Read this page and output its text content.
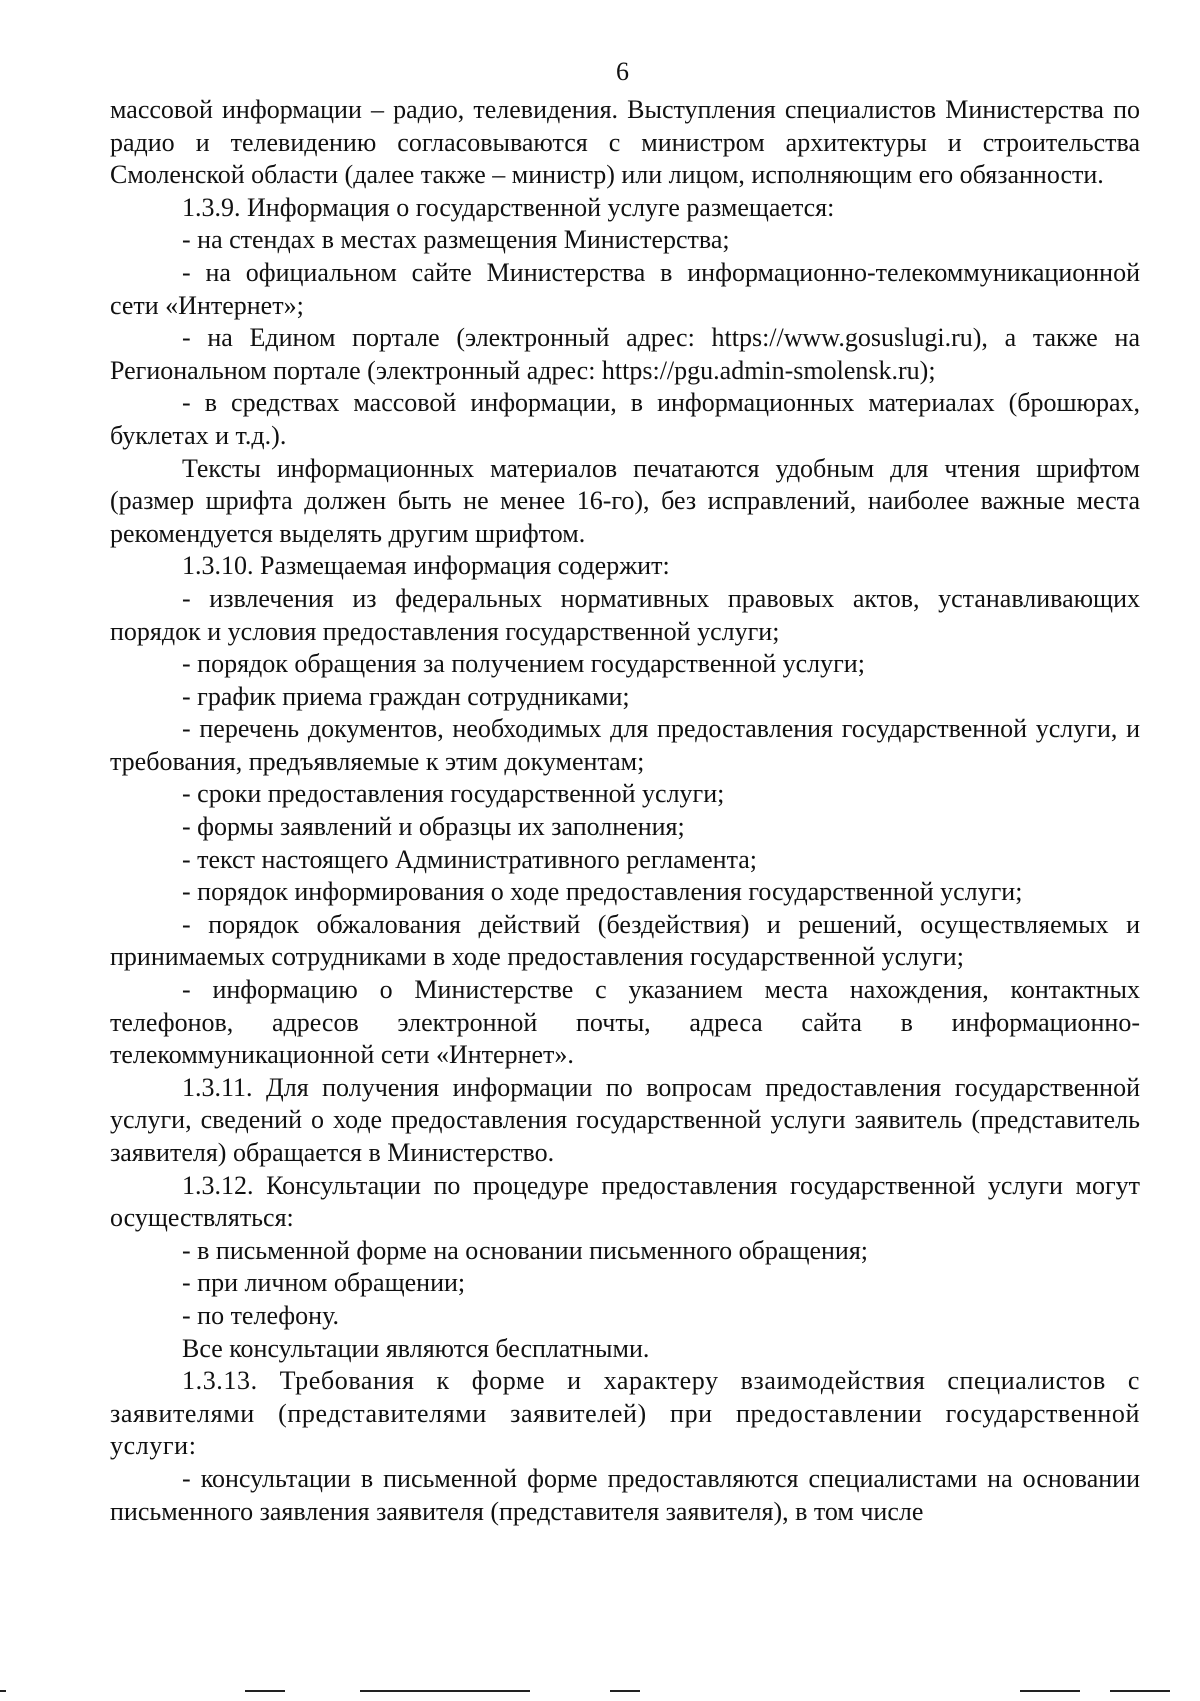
6

массовой информации – радио, телевидения. Выступления специалистов Министерства по радио и телевидению согласовываются с министром архитектуры и строительства Смоленской области (далее также – министр) или лицом, исполняющим его обязанности.

1.3.9. Информация о государственной услуге размещается:

- на стендах в местах размещения Министерства;

- на официальном сайте Министерства в информационно-телекоммуникационной сети «Интернет»;

- на Едином портале (электронный адрес: https://www.gosuslugi.ru), а также на Региональном портале (электронный адрес: https://pgu.admin-smolensk.ru);

- в средствах массовой информации, в информационных материалах (брошюрах, буклетах и т.д.).

Тексты информационных материалов печатаются удобным для чтения шрифтом (размер шрифта должен быть не менее 16-го), без исправлений, наиболее важные места рекомендуется выделять другим шрифтом.

1.3.10. Размещаемая информация содержит:

- извлечения из федеральных нормативных правовых актов, устанавливающих порядок и условия предоставления государственной услуги;

- порядок обращения за получением государственной услуги;

- график приема граждан сотрудниками;

- перечень документов, необходимых для предоставления государственной услуги, и требования, предъявляемые к этим документам;

- сроки предоставления государственной услуги;

- формы заявлений и образцы их заполнения;

- текст настоящего Административного регламента;

- порядок информирования о ходе предоставления государственной услуги;

- порядок обжалования действий (бездействия) и решений, осуществляемых и принимаемых сотрудниками в ходе предоставления государственной услуги;

- информацию о Министерстве с указанием места нахождения, контактных телефонов, адресов электронной почты, адреса сайта в информационно-телекоммуникационной сети «Интернет».

1.3.11. Для получения информации по вопросам предоставления государственной услуги, сведений о ходе предоставления государственной услуги заявитель (представитель заявителя) обращается в Министерство.

1.3.12. Консультации по процедуре предоставления государственной услуги могут осуществляться:

- в письменной форме на основании письменного обращения;

- при личном обращении;

- по телефону.

Все консультации являются бесплатными.

1.3.13. Требования к форме и характеру взаимодействия специалистов с заявителями (представителями заявителей) при предоставлении государственной услуги:

- консультации в письменной форме предоставляются специалистами на основании письменного заявления заявителя (представителя заявителя), в том числе
